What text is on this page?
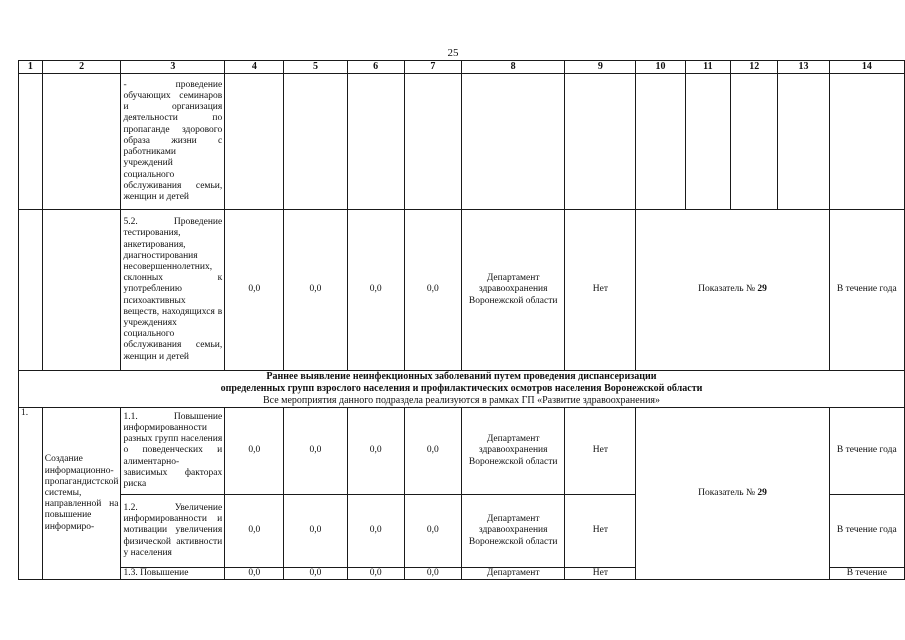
25
1	2	3	4	5	6	7	8	9	10	11	12	13	14
		- проведение обучающих семинаров и организация деятельности по пропаганде здорового образа жизни с работниками учреждений социального обслуживания семьи, женщин и детей											
		5.2. Проведение тестирования, анкетирования, диагностирования несовершеннолетних, склонных к употреблению психоактивных веществ, находящихся в учреждениях социального обслуживания семьи, женщин и детей	0,0	0,0	0,0	0,0	Департамент здравоохранения Воронежской области	Нет	Показатель № 29				В течение года

Раннее выявление неинфекционных заболеваний путем проведения диспансеризации
определенных групп взрослого населения и профилактических осмотров населения Воронежской области
Все мероприятия данного подраздела реализуются в рамках ГП «Развитие здравоохранения»													

1.	Создание информационно-пропагандистской системы, направленной на повышение информиро-	1.1. Повышение информированности разных групп населения о поведенческих и алиментарно-зависимых факторах риска	0,0	0,0	0,0	0,0	Департамент здравоохранения Воронежской области	Нет	Показатель № 29				В течение года
		1.2. Увеличение информированности и мотивации увеличения физической активности у населения	0,0	0,0	0,0	0,0	Департамент здравоохранения Воронежской области	Нет					В течение года
		1.3. Повышение	0,0	0,0	0,0	0,0	Департамент	Нет					В течение
